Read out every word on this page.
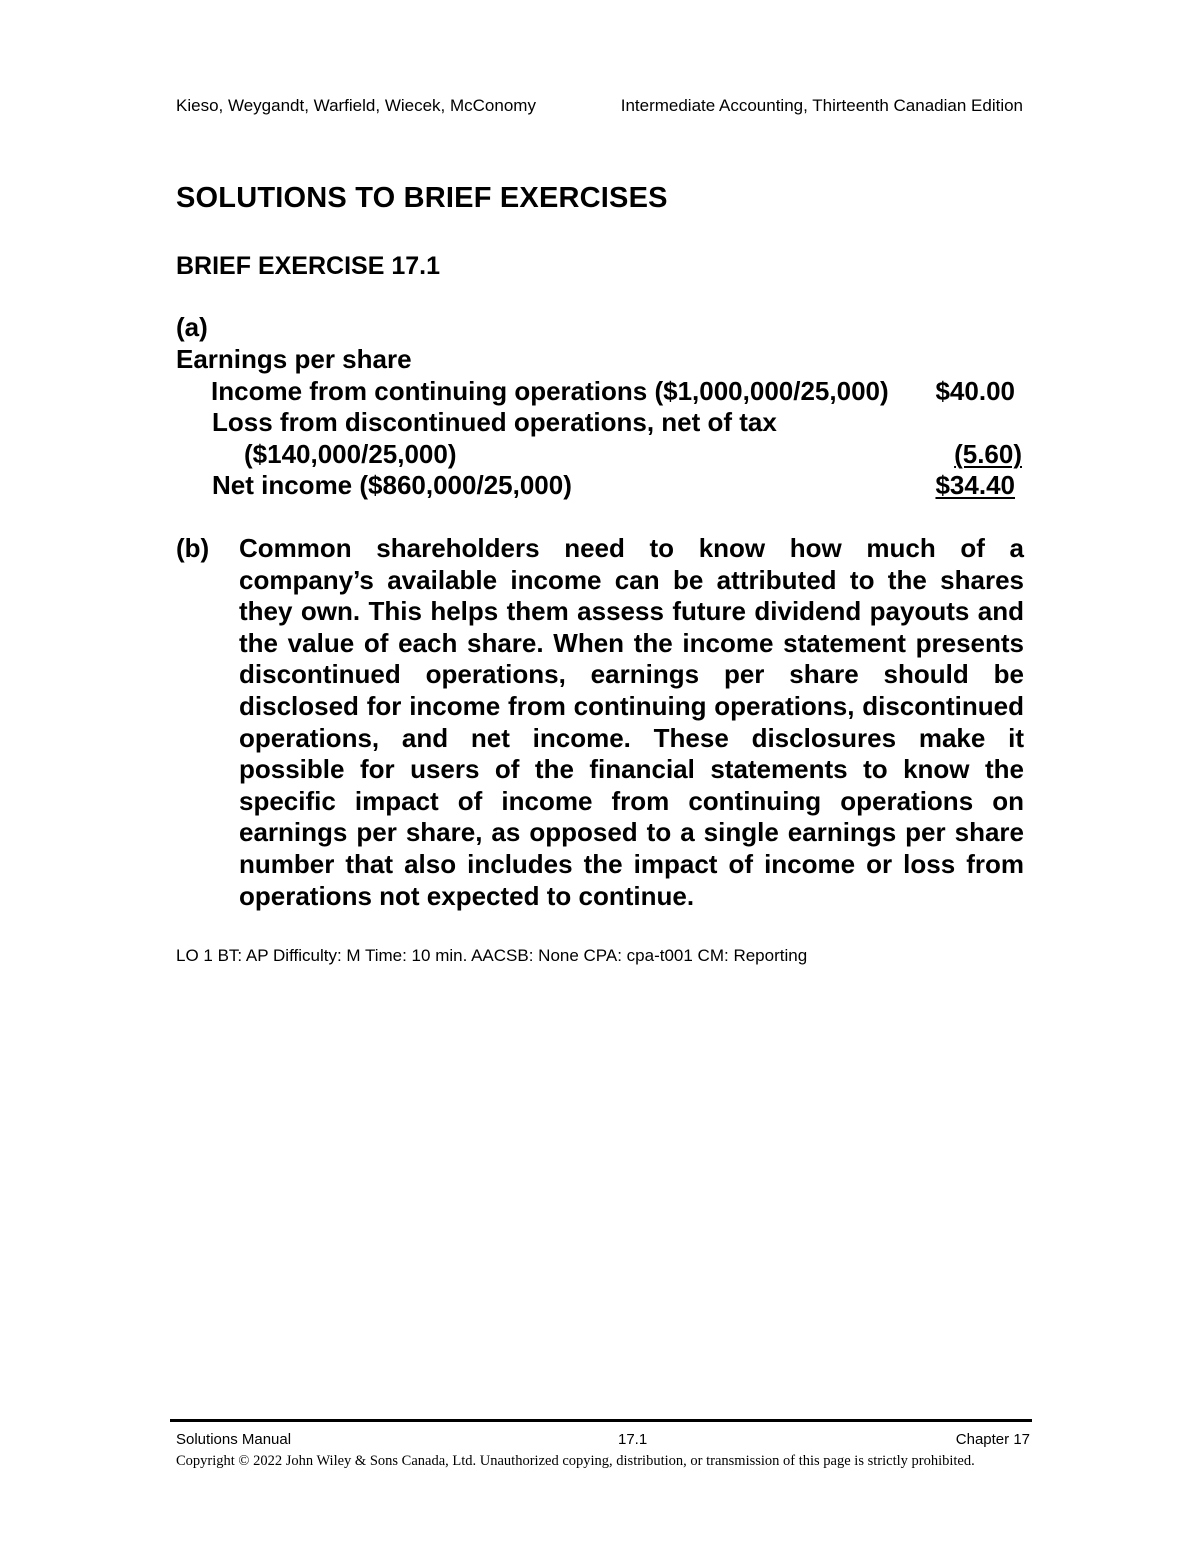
Kieso, Weygandt, Warfield, Wiecek, McConomy	Intermediate Accounting, Thirteenth Canadian Edition
SOLUTIONS TO BRIEF EXERCISES
BRIEF EXERCISE 17.1
(a)
Earnings per share
Income from continuing operations ($1,000,000/25,000) $40.00
Loss from discontinued operations, net of tax
($140,000/25,000)	(5.60)
Net income ($860,000/25,000)	$34.40
(b) Common shareholders need to know how much of a company’s available income can be attributed to the shares they own. This helps them assess future dividend payouts and the value of each share. When the income statement presents discontinued operations, earnings per share should be disclosed for income from continuing operations, discontinued operations, and net income. These disclosures make it possible for users of the financial statements to know the specific impact of income from continuing operations on earnings per share, as opposed to a single earnings per share number that also includes the impact of income or loss from operations not expected to continue.
LO 1 BT: AP Difficulty: M Time: 10 min. AACSB: None CPA: cpa-t001 CM: Reporting
Solutions Manual	17.1	Chapter 17
Copyright © 2022 John Wiley & Sons Canada, Ltd. Unauthorized copying, distribution, or transmission of this page is strictly prohibited.
